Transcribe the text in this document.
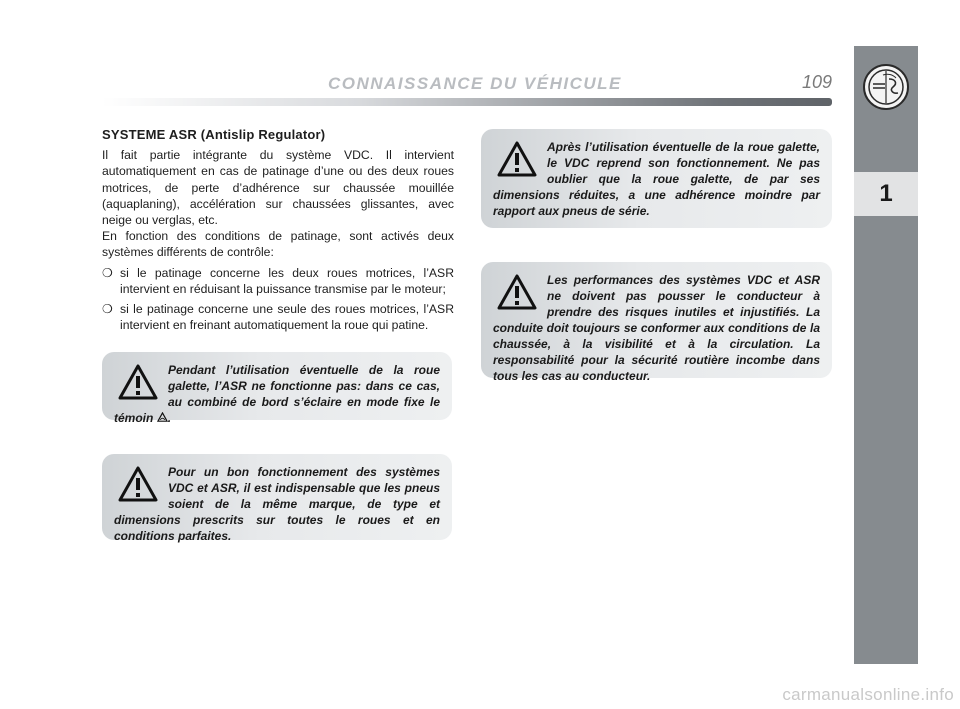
CONNAISSANCE DU VÉHICULE	109
1
SYSTEME ASR (Antislip Regulator)

Il fait partie intégrante du système VDC. Il intervient automatiquement en cas de patinage d’une ou des deux roues motrices, de perte d’adhérence sur chaussée mouillée (aquaplaning), accélération sur chaussées glissantes, avec neige ou verglas, etc.

En fonction des conditions de patinage, sont activés deux systèmes différents de contrôle:

❍ si le patinage concerne les deux roues motrices, l’ASR intervient en réduisant la puissance transmise par le moteur;
❍ si le patinage concerne une seule des roues motrices, l’ASR intervient en freinant automatiquement la roue qui patine.

Pendant l’utilisation éventuelle de la roue galette, l’ASR ne fonctionne pas: dans ce cas, au combiné de bord s’éclaire en mode fixe le témoin .

Pour un bon fonctionnement des systèmes VDC et ASR, il est indispensable que les pneus soient de la même marque, de type et dimensions prescrits sur toutes le roues et en conditions parfaites.

Après l’utilisation éventuelle de la roue galette, le VDC reprend son fonctionnement. Ne pas oublier que la roue galette, de par ses dimensions réduites, a une adhérence moindre par rapport aux pneus de série.

Les performances des systèmes VDC et ASR ne doivent pas pousser le conducteur à prendre des risques inutiles et injustifiés. La conduite doit toujours se conformer aux conditions de la chaussée, à la visibilité et à la circulation. La responsabilité pour la sécurité routière incombe dans tous les cas au conducteur.

carmanualsonline.info
